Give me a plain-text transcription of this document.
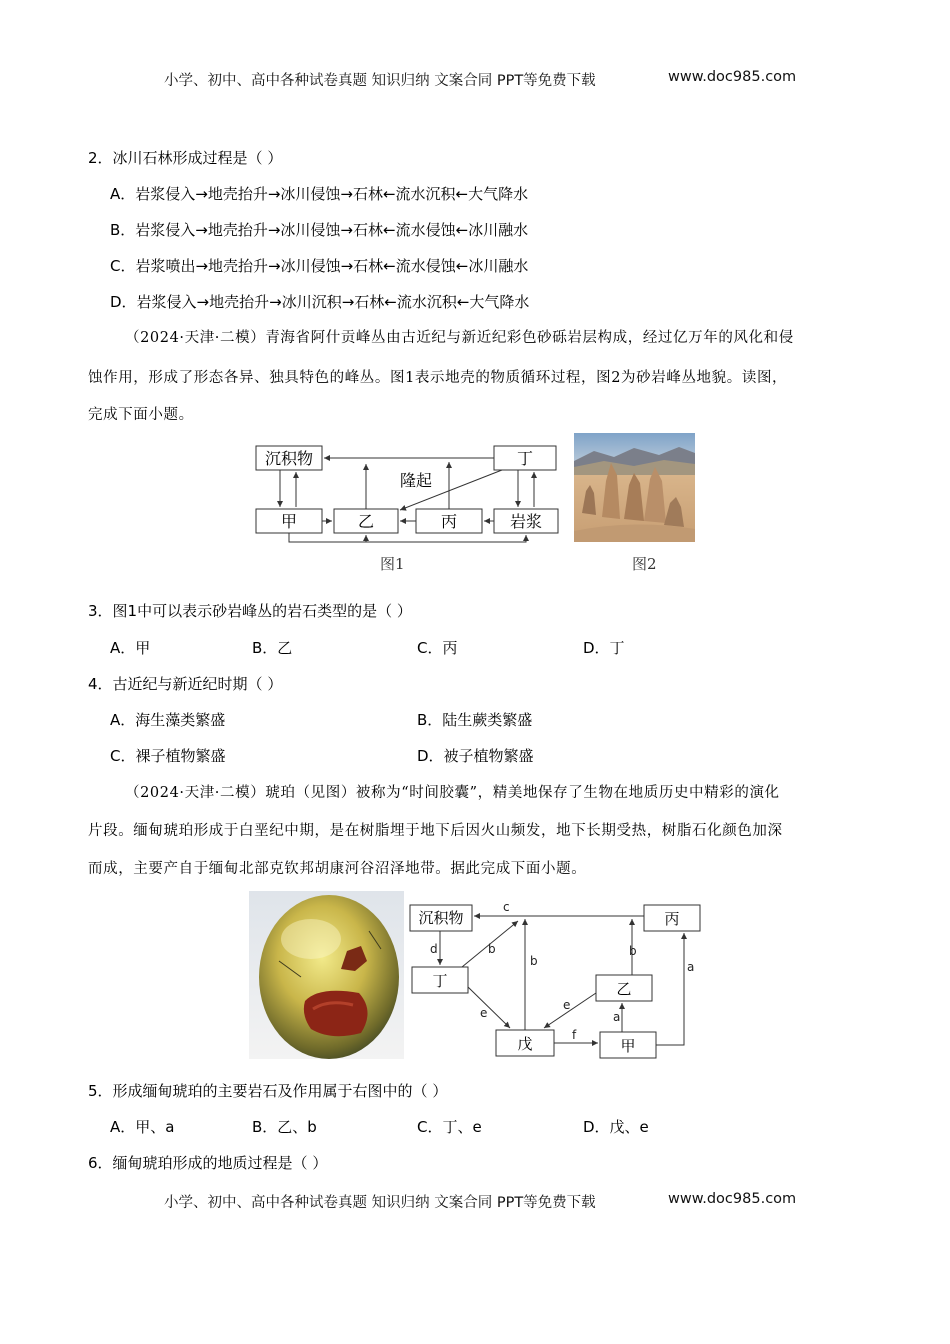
小学、初中、高中各种试卷真题 知识归纳 文案合同 PPT等免费下载	www.doc985.com
2．冰川石林形成过程是（ ）
A．岩浆侵入→地壳抬升→冰川侵蚀→石林←流水沉积←大气降水
B．岩浆侵入→地壳抬升→冰川侵蚀→石林←流水侵蚀←冰川融水
C．岩浆喷出→地壳抬升→冰川侵蚀→石林←流水侵蚀←冰川融水
D．岩浆侵入→地壳抬升→冰川沉积→石林←流水沉积←大气降水
（2024·天津·二模）青海省阿什贡峰丛由古近纪与新近纪彩色砂砾岩层构成，经过亿万年的风化和侵
蚀作用，形成了形态各异、独具特色的峰丛。图1表示地壳的物质循环过程，图2为砂岩峰丛地貌。读图，
完成下面小题。
沉积物	丁
甲	乙	丙	岩浆
隆起
图1	图2
3．图1中可以表示砂岩峰丛的岩石类型的是（ ）
A．甲	B．乙	C．丙	D．丁
4．古近纪与新近纪时期（ ）
A．海生藻类繁盛	B．陆生蕨类繁盛
C．裸子植物繁盛	D．被子植物繁盛
（2024·天津·二模）琥珀（见图）被称为“时间胶囊”，精美地保存了生物在地质历史中精彩的演化
片段。缅甸琥珀形成于白垩纪中期，是在树脂埋于地下后因火山频发，地下长期受热，树脂石化颜色加深
而成，主要产自于缅甸北部克钦邦胡康河谷沼泽地带。据此完成下面小题。
沉积物	丙
丁	乙
戊	甲
c
d	b
b
b
e
e
a
a
f
5．形成缅甸琥珀的主要岩石及作用属于右图中的（ ）
A．甲、a	B．乙、b	C．丁、e	D．戊、e
6．缅甸琥珀形成的地质过程是（ ）
小学、初中、高中各种试卷真题 知识归纳 文案合同 PPT等免费下载	www.doc985.com
